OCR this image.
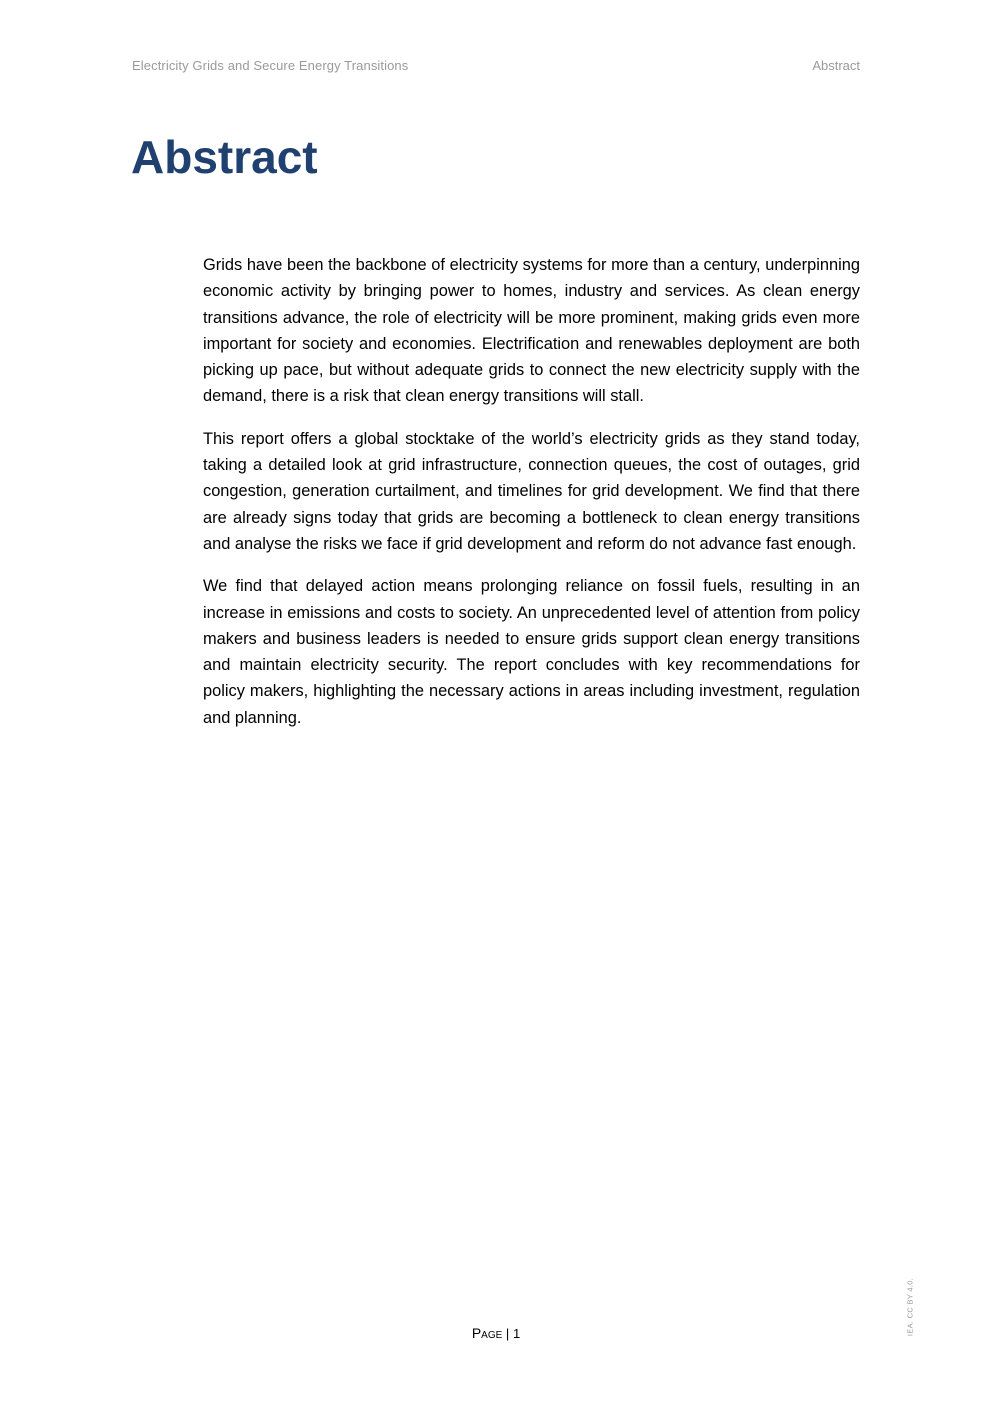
Electricity Grids and Secure Energy Transitions	Abstract
Abstract

Grids have been the backbone of electricity systems for more than a century, underpinning economic activity by bringing power to homes, industry and services. As clean energy transitions advance, the role of electricity will be more prominent, making grids even more important for society and economies. Electrification and renewables deployment are both picking up pace, but without adequate grids to connect the new electricity supply with the demand, there is a risk that clean energy transitions will stall.

This report offers a global stocktake of the world’s electricity grids as they stand today, taking a detailed look at grid infrastructure, connection queues, the cost of outages, grid congestion, generation curtailment, and timelines for grid development. We find that there are already signs today that grids are becoming a bottleneck to clean energy transitions and analyse the risks we face if grid development and reform do not advance fast enough.

We find that delayed action means prolonging reliance on fossil fuels, resulting in an increase in emissions and costs to society. An unprecedented level of attention from policy makers and business leaders is needed to ensure grids support clean energy transitions and maintain electricity security. The report concludes with key recommendations for policy makers, highlighting the necessary actions in areas including investment, regulation and planning.

Page | 1	IEA. CC BY 4.0.
